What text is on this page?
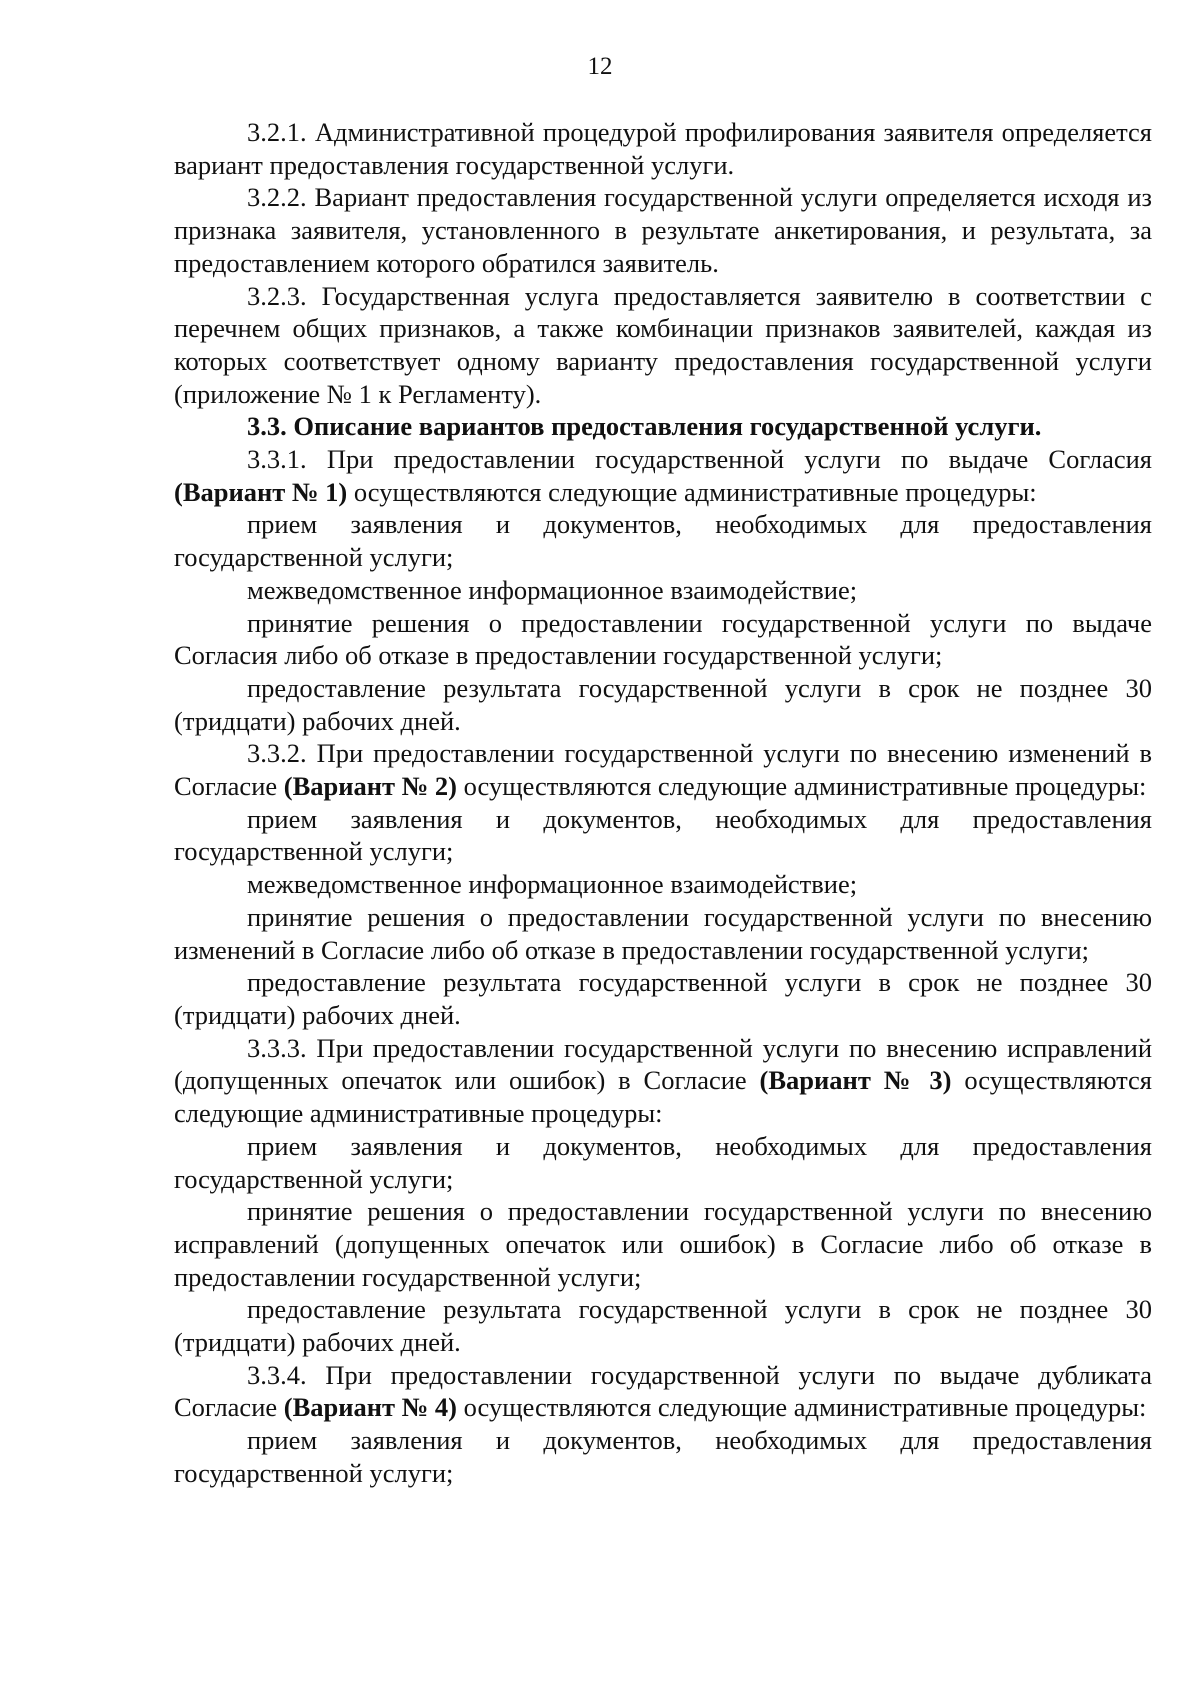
12

3.2.1. Административной процедурой профилирования заявителя определяется вариант предоставления государственной услуги.

3.2.2. Вариант предоставления государственной услуги определяется исходя из признака заявителя, установленного в результате анкетирования, и результата, за предоставлением которого обратился заявитель.

3.2.3. Государственная услуга предоставляется заявителю в соответствии с перечнем общих признаков, а также комбинации признаков заявителей, каждая из которых соответствует одному варианту предоставления государственной услуги (приложение № 1 к Регламенту).

3.3. Описание вариантов предоставления государственной услуги.

3.3.1. При предоставлении государственной услуги по выдаче Согласия (Вариант № 1) осуществляются следующие административные процедуры:

прием заявления и документов, необходимых для предоставления государственной услуги;

межведомственное информационное взаимодействие;

принятие решения о предоставлении государственной услуги по выдаче Согласия либо об отказе в предоставлении государственной услуги;

предоставление результата государственной услуги в срок не позднее 30 (тридцати) рабочих дней.

3.3.2. При предоставлении государственной услуги по внесению изменений в Согласие (Вариант № 2) осуществляются следующие административные процедуры:

прием заявления и документов, необходимых для предоставления государственной услуги;

межведомственное информационное взаимодействие;

принятие решения о предоставлении государственной услуги по внесению изменений в Согласие либо об отказе в предоставлении государственной услуги;

предоставление результата государственной услуги в срок не позднее 30 (тридцати) рабочих дней.

3.3.3. При предоставлении государственной услуги по внесению исправлений (допущенных опечаток или ошибок) в Согласие (Вариант № 3) осуществляются следующие административные процедуры:

прием заявления и документов, необходимых для предоставления государственной услуги;

принятие решения о предоставлении государственной услуги по внесению исправлений (допущенных опечаток или ошибок) в Согласие либо об отказе в предоставлении государственной услуги;

предоставление результата государственной услуги в срок не позднее 30 (тридцати) рабочих дней.

3.3.4. При предоставлении государственной услуги по выдаче дубликата Согласие (Вариант № 4) осуществляются следующие административные процедуры:

прием заявления и документов, необходимых для предоставления государственной услуги;
